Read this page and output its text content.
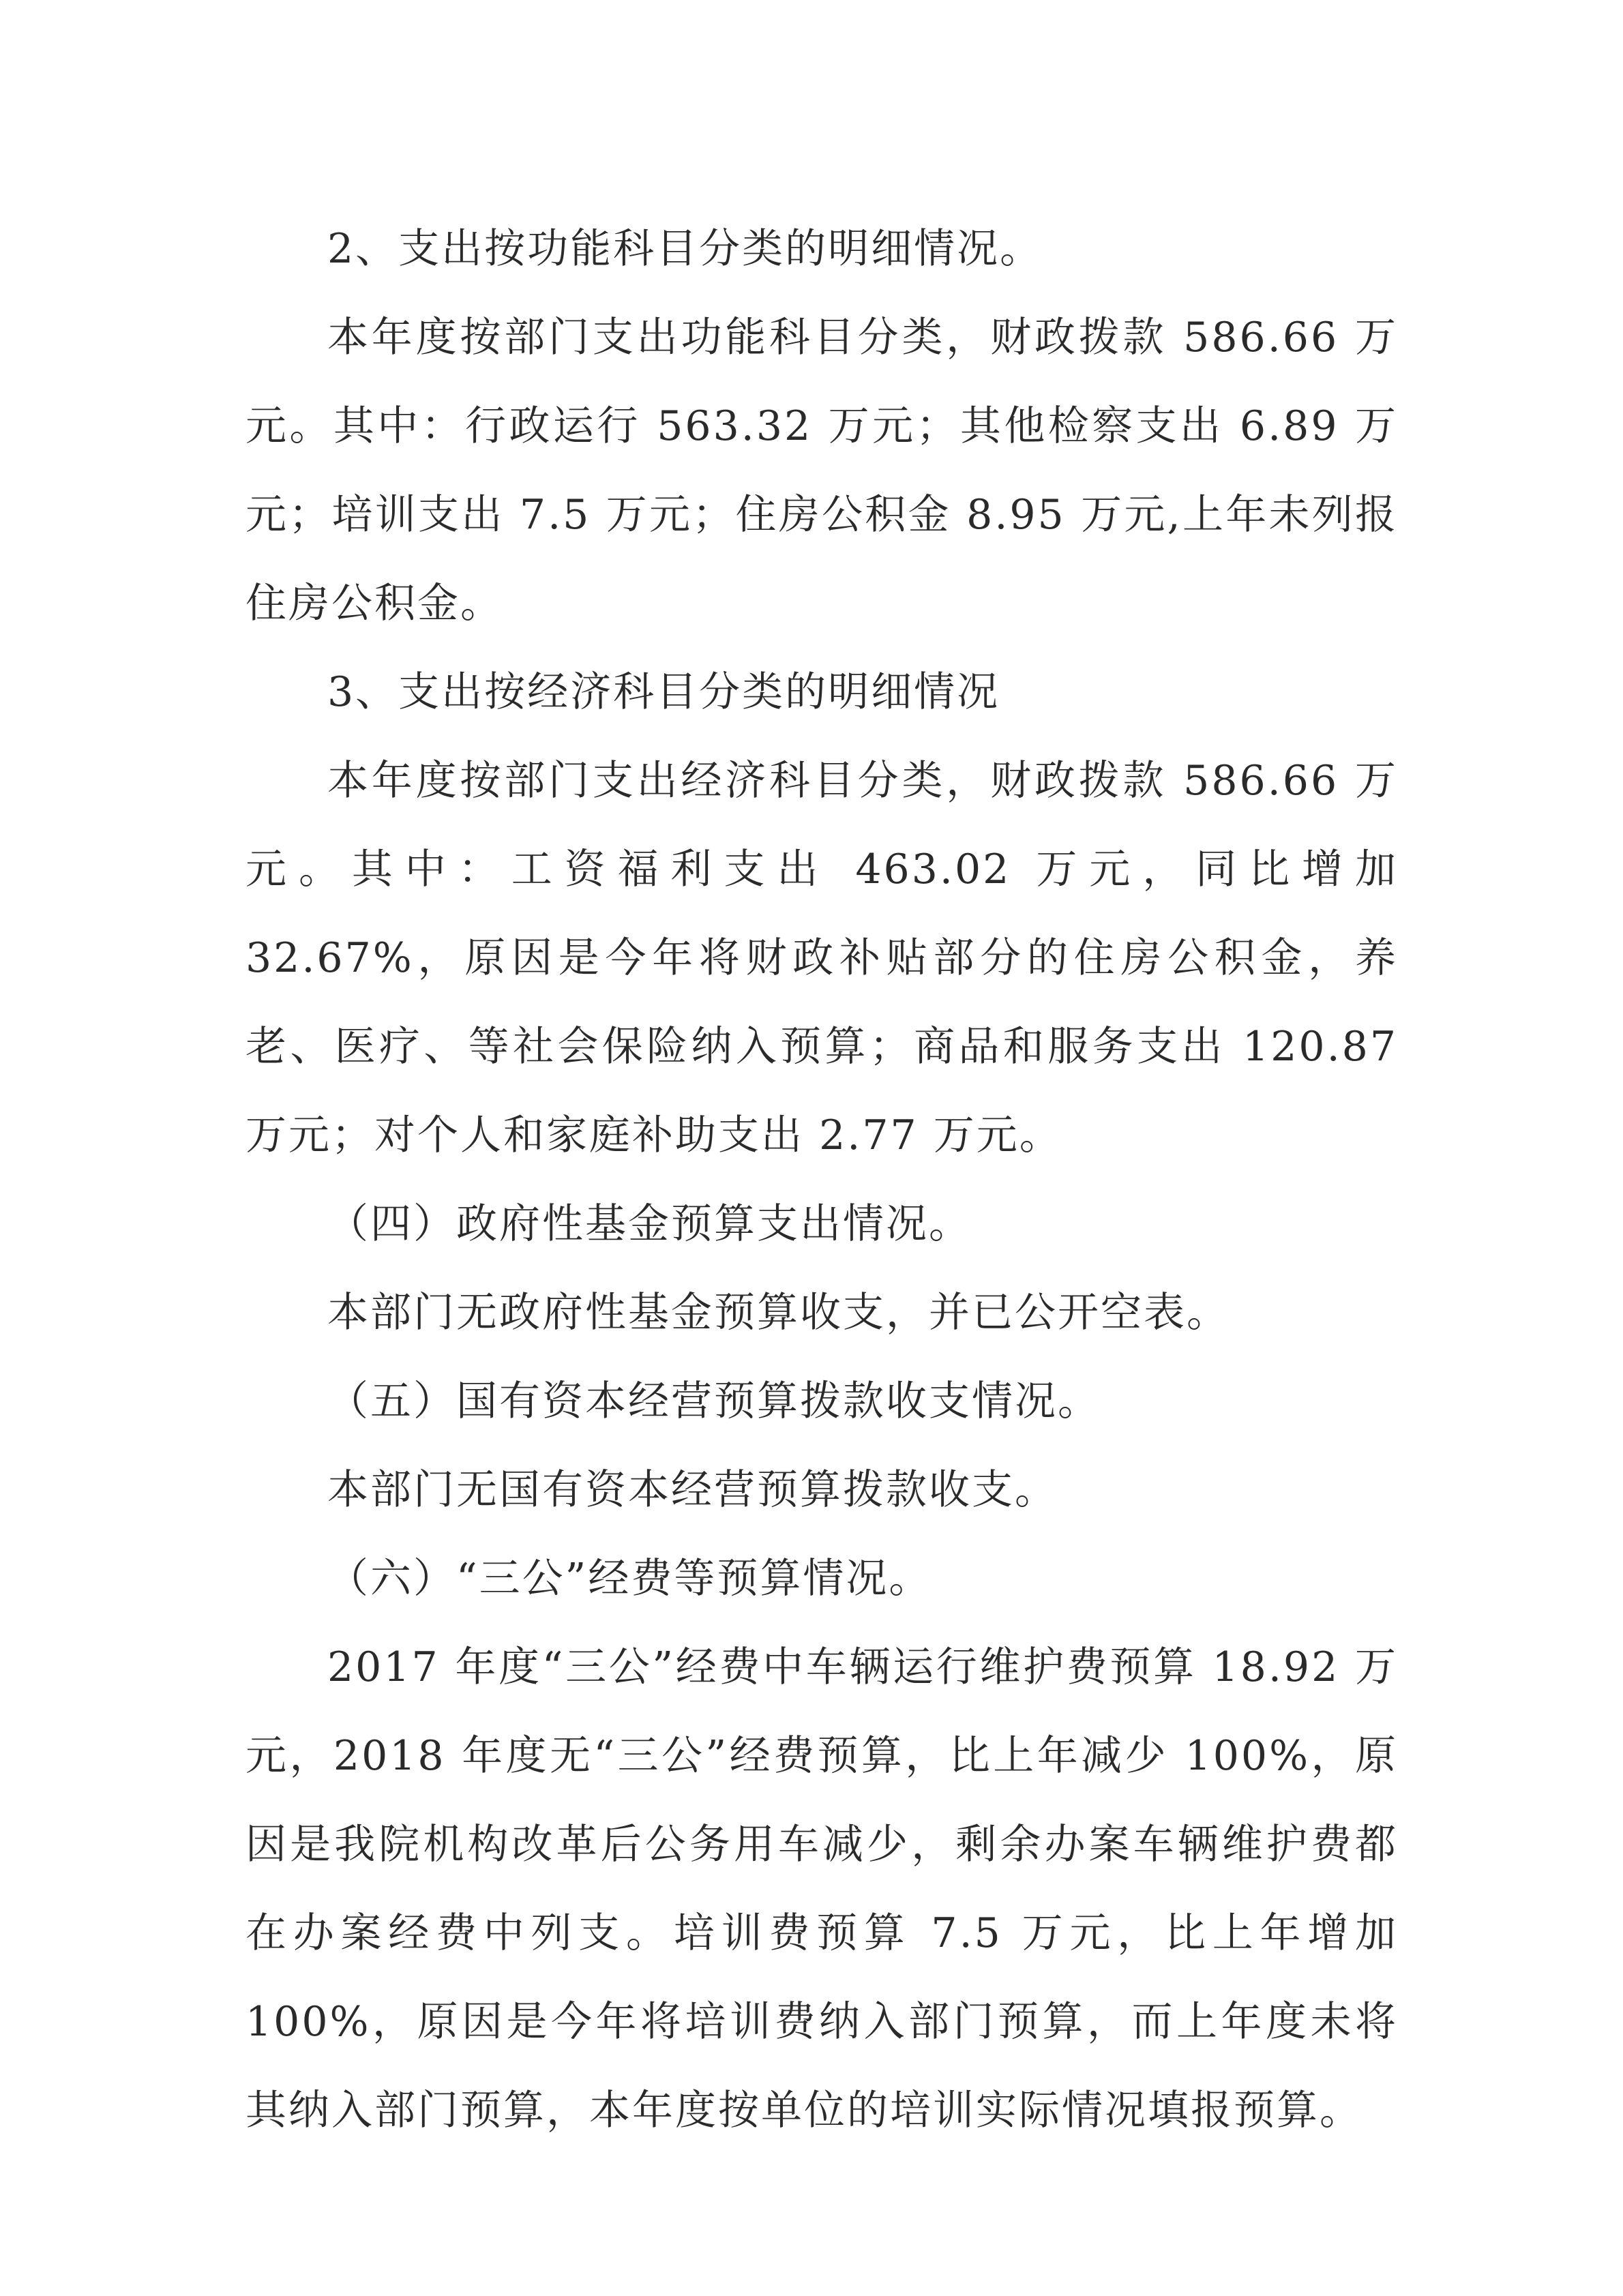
2、支出按功能科目分类的明细情况。

本年度按部门支出功能科目分类，财政拨款 586.66 万元。其中：行政运行 563.32 万元；其他检察支出 6.89 万元；培训支出 7.5 万元；住房公积金 8.95 万元,上年未列报住房公积金。

3、支出按经济科目分类的明细情况

本年度按部门支出经济科目分类，财政拨款 586.66 万元。其中：工资福利支出 463.02 万元，同比增加 32.67%，原因是今年将财政补贴部分的住房公积金，养老、医疗、等社会保险纳入预算；商品和服务支出 120.87 万元；对个人和家庭补助支出 2.77 万元。

（四）政府性基金预算支出情况。

本部门无政府性基金预算收支，并已公开空表。

（五）国有资本经营预算拨款收支情况。

本部门无国有资本经营预算拨款收支。

（六）“三公”经费等预算情况。

2017 年度“三公”经费中车辆运行维护费预算 18.92 万元，2018 年度无“三公”经费预算，比上年减少 100%，原因是我院机构改革后公务用车减少，剩余办案车辆维护费都在办案经费中列支。培训费预算 7.5 万元，比上年增加 100%，原因是今年将培训费纳入部门预算，而上年度未将其纳入部门预算，本年度按单位的培训实际情况填报预算。
